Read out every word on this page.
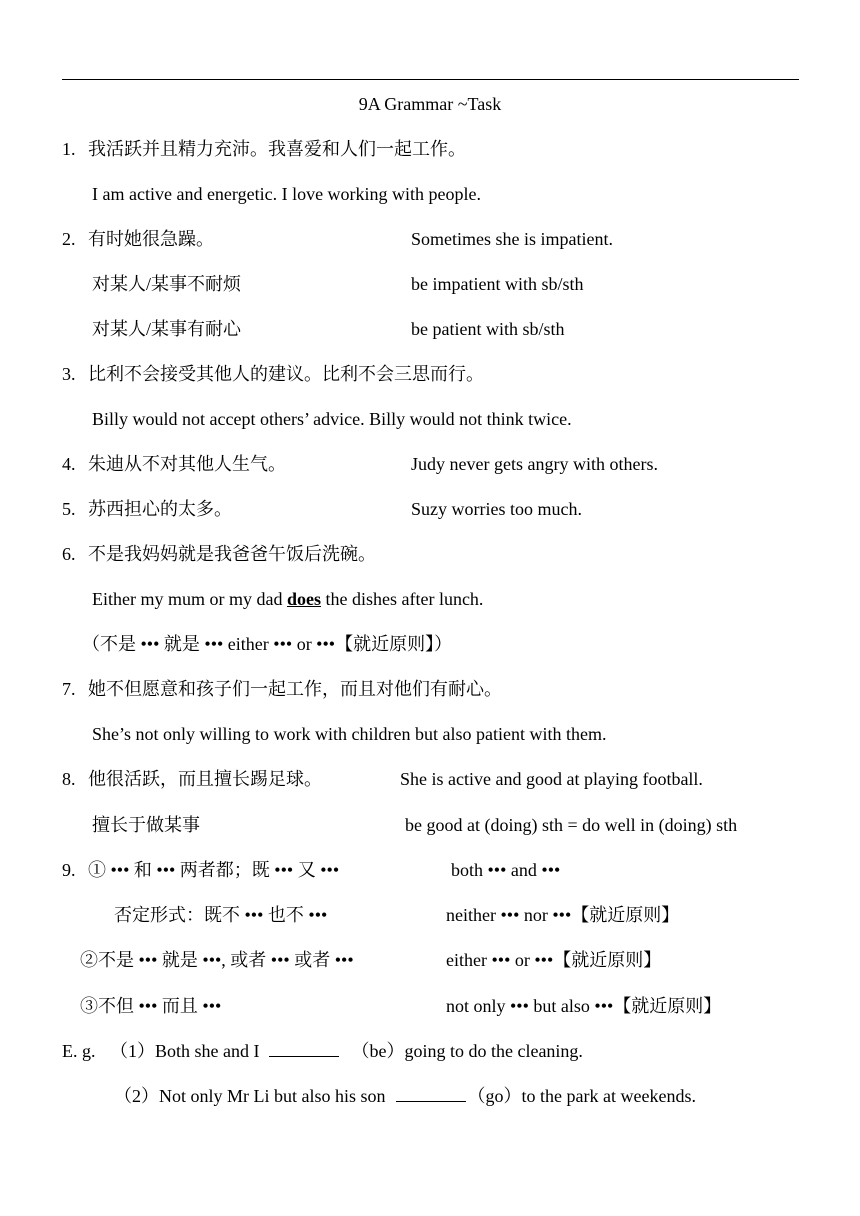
9A Grammar ~Task
1. 我活跃并且精力充沛。我喜爱和人们一起工作。
I am active and energetic. I love working with people.
2. 有时她很急躁。	Sometimes she is impatient.
对某人/某事不耐烦	be impatient with sb/sth
对某人/某事有耐心	be patient with sb/sth
3. 比利不会接受其他人的建议。比利不会三思而行。
Billy would not accept others’ advice. Billy would not think twice.
4. 朱迪从不对其他人生气。	Judy never gets angry with others.
5. 苏西担心的太多。	Suzy worries too much.
6. 不是我妈妈就是我爸爸午饭后洗碗。
Either my mum or my dad does the dishes after lunch.
（不是 ••• 就是 ••• either ••• or •••【就近原则】）
7. 她不但愿意和孩子们一起工作，而且对他们有耐心。
She’s not only willing to work with children but also patient with them.
8. 他很活跃，而且擅长踢足球。	She is active and good at playing football.
擅长于做某事	be good at (doing) sth = do well in (doing) sth
9. ① ••• 和 ••• 两者都；既 ••• 又 •••	both ••• and •••
否定形式：既不 ••• 也不 •••	neither ••• nor •••【就近原则】
②不是 ••• 就是 •••, 或者 ••• 或者 •••	either ••• or •••【就近原则】
③不但 ••• 而且 •••	not only ••• but also •••【就近原则】
E. g. （1）Both she and I	（be）going to do the cleaning.
（2）Not only Mr Li but also his son	（go）to the park at weekends.
